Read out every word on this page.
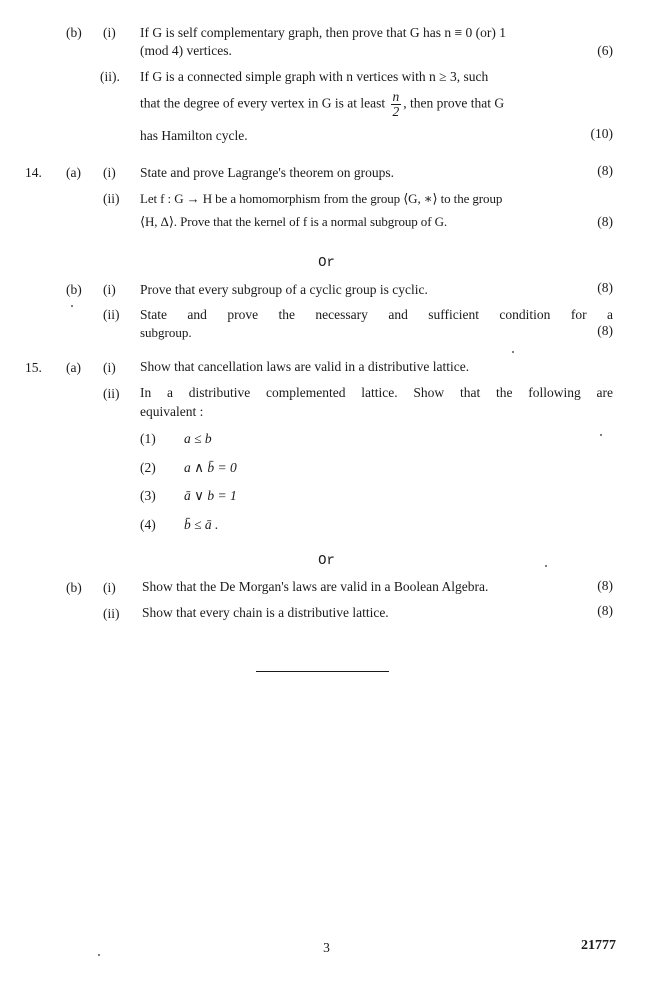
(b) (i) If G is self complementary graph, then prove that G has n ≡ 0 (or) 1
(mod 4) vertices.	(6)
(ii). If G is a connected simple graph with n vertices with n ≥ 3, such
that the degree of every vertex in G is at least $\frac{n}{2}$ , then prove that G
has Hamilton cycle.	(10)
14. (a) (i) State and prove Lagrange's theorem on groups.	(8)
(ii) Let f : G → H be a homomorphism from the group ⟨G, ∗⟩ to the group
⟨H, Δ⟩. Prove that the kernel of f is a normal subgroup of G.	(8)
Or
(b) (i) Prove that every subgroup of a cyclic group is cyclic.	(8)
(ii) State and prove the necessary and sufficient condition for a
subgroup.	(8)
15. (a) (i) Show that cancellation laws are valid in a distributive lattice.
(ii) In a distributive complemented lattice. Show that the following are
equivalent :
(1) a ≤ b
(2) a ∧ b̄ = 0
(3) ā ∨ b = 1
(4) b̄ ≤ ā .
Or
(b) (i) Show that the De Morgan's laws are valid in a Boolean Algebra.	(8)
(ii) Show that every chain is a distributive lattice.	(8)
3	21777
